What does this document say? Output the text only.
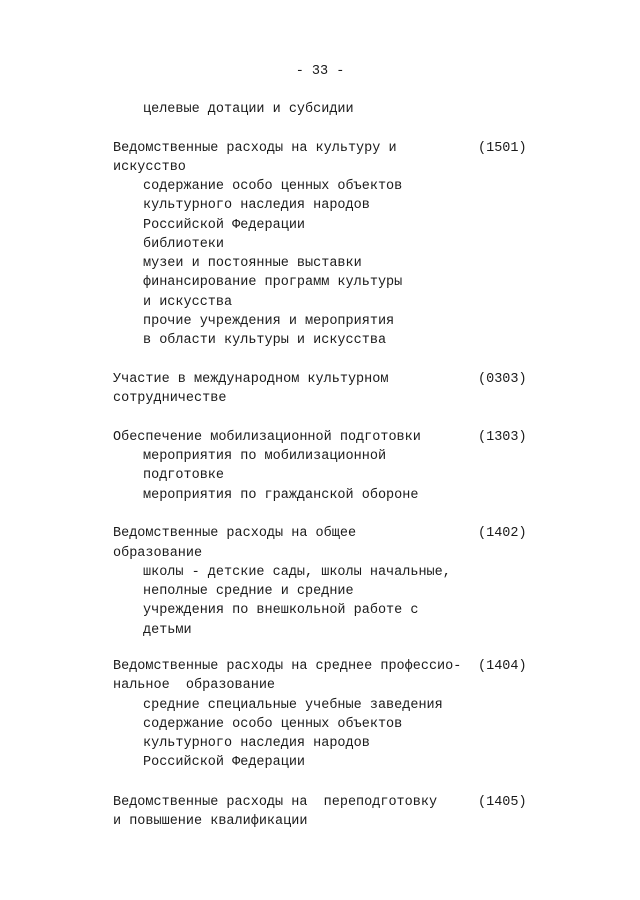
- 33 -
целевые дотации и субсидии
(1501)
Ведомственные расходы на культуру и
искусство
содержание особо ценных объектов
культурного наследия народов
Российской Федерации
библиотеки
музеи и постоянные выставки
финансирование программ культуры
и искусства
прочие учреждения и мероприятия
в области культуры и искусства
(0303)
Участие в международном культурном
сотрудничестве
(1303)
Обеспечение мобилизационной подготовки
мероприятия по мобилизационной
подготовке
мероприятия по гражданской обороне
(1402)
Ведомственные расходы на общее
образование
школы - детские сады, школы начальные,
неполные средние и средние
учреждения по внешкольной работе с
детьми
(1404)
Ведомственные расходы на среднее профессио-
нальное  образование
средние специальные учебные заведения
содержание особо ценных объектов
культурного наследия народов
Российской Федерации
(1405)
Ведомственные расходы на  переподготовку
и повышение квалификации
